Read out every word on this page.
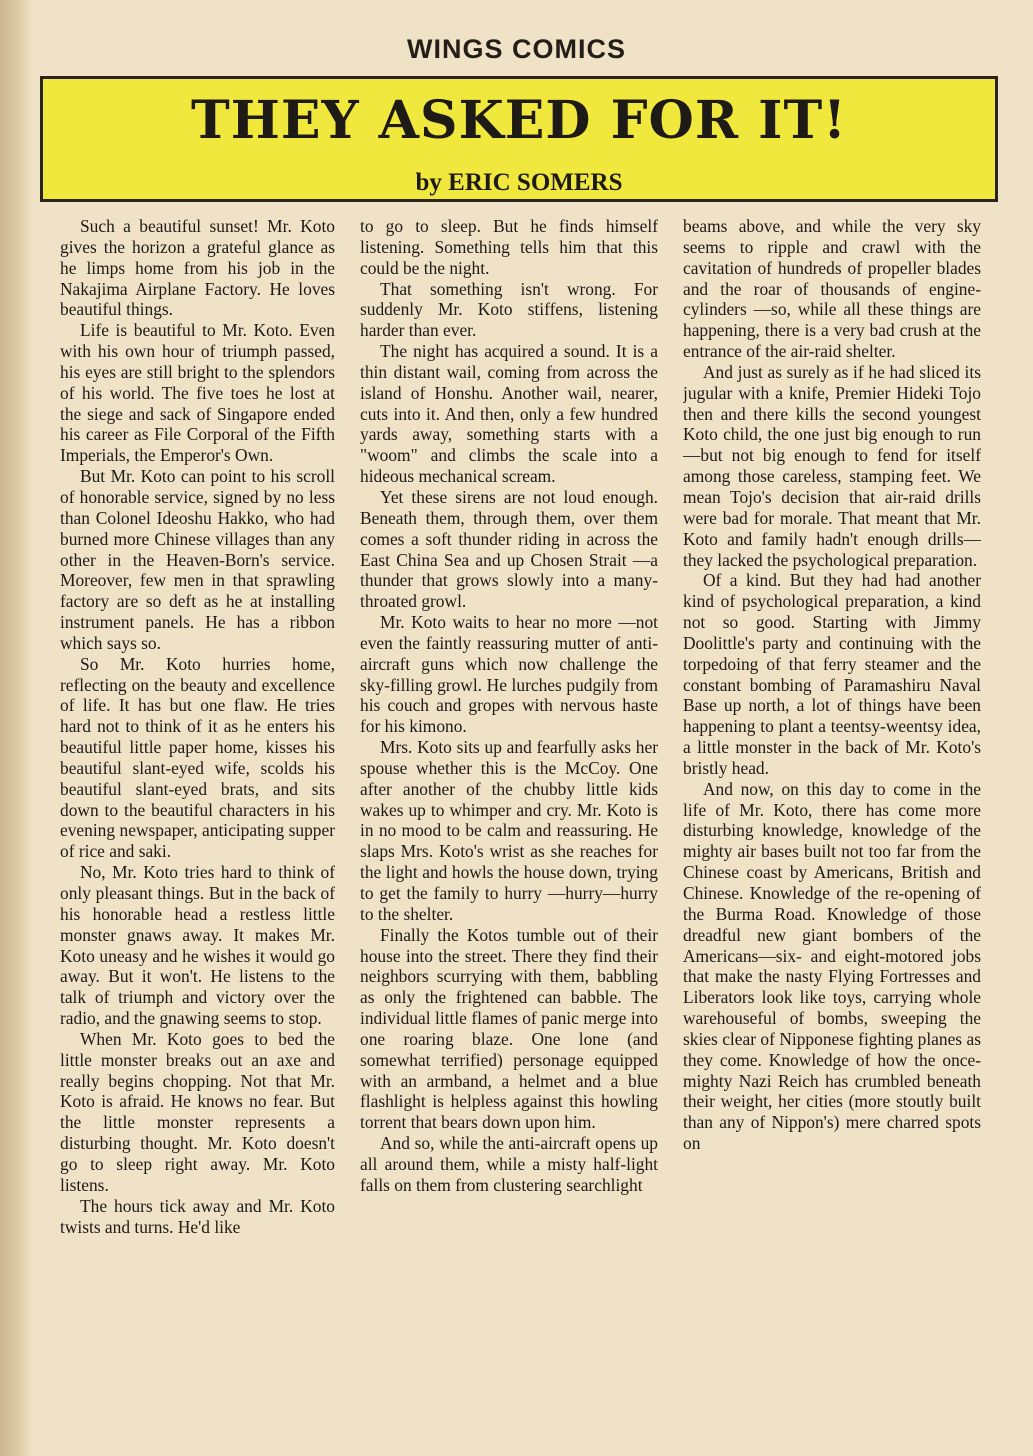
WINGS COMICS
THEY ASKED FOR IT!
by ERIC SOMERS

Such a beautiful sunset! Mr. Koto gives the horizon a grateful glance as he limps home from his job in the Nakajima Airplane Factory. He loves beautiful things.

Life is beautiful to Mr. Koto. Even with his own hour of triumph passed, his eyes are still bright to the splendors of his world. The five toes he lost at the siege and sack of Singapore ended his career as File Corporal of the Fifth Imperials, the Emperor's Own.

But Mr. Koto can point to his scroll of honorable service, signed by no less than Colonel Ideoshu Hakko, who had burned more Chinese villages than any other in the Heaven-Born's service. Moreover, few men in that sprawling factory are so deft as he at installing instrument panels. He has a ribbon which says so.

So Mr. Koto hurries home, reflecting on the beauty and excellence of life. It has but one flaw. He tries hard not to think of it as he enters his beautiful little paper home, kisses his beautiful slant-eyed wife, scolds his beautiful slant-eyed brats, and sits down to the beautiful characters in his evening newspaper, anticipating supper of rice and saki.

No, Mr. Koto tries hard to think of only pleasant things. But in the back of his honorable head a restless little monster gnaws away. It makes Mr. Koto uneasy and he wishes it would go away. But it won't. He listens to the talk of triumph and victory over the radio, and the gnawing seems to stop.

When Mr. Koto goes to bed the little monster breaks out an axe and really begins chopping. Not that Mr. Koto is afraid. He knows no fear. But the little monster represents a disturbing thought. Mr. Koto doesn't go to sleep right away. Mr. Koto listens.

The hours tick away and Mr. Koto twists and turns. He'd like

to go to sleep. But he finds himself listening. Something tells him that this could be the night.

That something isn't wrong. For suddenly Mr. Koto stiffens, listening harder than ever.

The night has acquired a sound. It is a thin distant wail, coming from across the island of Honshu. Another wail, nearer, cuts into it. And then, only a few hundred yards away, something starts with a "woom" and climbs the scale into a hideous mechanical scream.

Yet these sirens are not loud enough. Beneath them, through them, over them comes a soft thunder riding in across the East China Sea and up Chosen Strait —a thunder that grows slowly into a many-throated growl.

Mr. Koto waits to hear no more —not even the faintly reassuring mutter of anti-aircraft guns which now challenge the sky-filling growl. He lurches pudgily from his couch and gropes with nervous haste for his kimono.

Mrs. Koto sits up and fearfully asks her spouse whether this is the McCoy. One after another of the chubby little kids wakes up to whimper and cry. Mr. Koto is in no mood to be calm and reassuring. He slaps Mrs. Koto's wrist as she reaches for the light and howls the house down, trying to get the family to hurry —hurry—hurry to the shelter.

Finally the Kotos tumble out of their house into the street. There they find their neighbors scurrying with them, babbling as only the frightened can babble. The individual little flames of panic merge into one roaring blaze. One lone (and somewhat terrified) personage equipped with an armband, a helmet and a blue flashlight is helpless against this howling torrent that bears down upon him.

And so, while the anti-aircraft opens up all around them, while a misty half-light falls on them from clustering searchlight

beams above, and while the very sky seems to ripple and crawl with the cavitation of hundreds of propeller blades and the roar of thousands of engine-cylinders —so, while all these things are happening, there is a very bad crush at the entrance of the air-raid shelter.

And just as surely as if he had sliced its jugular with a knife, Premier Hideki Tojo then and there kills the second youngest Koto child, the one just big enough to run—but not big enough to fend for itself among those careless, stamping feet. We mean Tojo's decision that air-raid drills were bad for morale. That meant that Mr. Koto and family hadn't enough drills—they lacked the psychological preparation.

Of a kind. But they had had another kind of psychological preparation, a kind not so good. Starting with Jimmy Doolittle's party and continuing with the torpedoing of that ferry steamer and the constant bombing of Paramashiru Naval Base up north, a lot of things have been happening to plant a teentsy-weentsy idea, a little monster in the back of Mr. Koto's bristly head.

And now, on this day to come in the life of Mr. Koto, there has come more disturbing knowledge, knowledge of the mighty air bases built not too far from the Chinese coast by Americans, British and Chinese. Knowledge of the re-opening of the Burma Road. Knowledge of those dreadful new giant bombers of the Americans—six- and eight-motored jobs that make the nasty Flying Fortresses and Liberators look like toys, carrying whole warehouseful of bombs, sweeping the skies clear of Nipponese fighting planes as they come. Knowledge of how the once-mighty Nazi Reich has crumbled beneath their weight, her cities (more stoutly built than any of Nippon's) mere charred spots on
